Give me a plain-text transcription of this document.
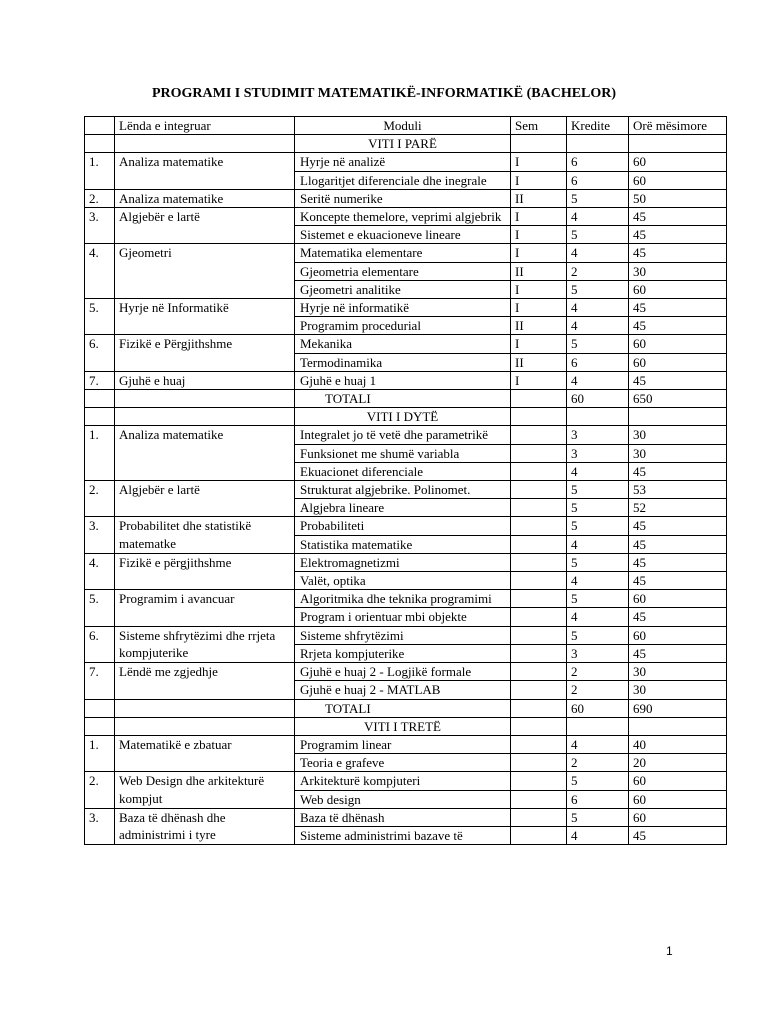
PROGRAMI I STUDIMIT MATEMATIKË-INFORMATIKË (BACHELOR)
	Lënda e integruar	Moduli	Sem	Kredite	Orë mësimore
		VITI I PARË			
1.	Analiza matematike	Hyrje në analizë	I	6	60
		Llogaritjet diferenciale dhe inegrale	I	6	60
2.	Analiza matematike	Seritë numerike	II	5	50
3.	Algjebër e lartë	Koncepte themelore, veprimi algjebrik	I	4	45
		Sistemet e ekuacioneve lineare	I	5	45
4.	Gjeometri	Matematika elementare	I	4	45
		Gjeometria elementare	II	2	30
		Gjeometri analitike	I	5	60
5.	Hyrje në Informatikë	Hyrje në informatikë	I	4	45
		Programim procedurial	II	4	45
6.	Fizikë e Përgjithshme	Mekanika	I	5	60
		Termodinamika	II	6	60
7.	Gjuhë e huaj	Gjuhë e huaj 1	I	4	45
		TOTALI		60	650
		VITI I DYTË			
1.	Analiza matematike	Integralet jo të vetë dhe parametrikë		3	30
		Funksionet me shumë variabla		3	30
		Ekuacionet diferenciale		4	45
2.	Algjebër e lartë	Strukturat algjebrike. Polinomet.		5	53
		Algjebra lineare		5	52
3.	Probabilitet dhe statistikë matematke	Probabiliteti		5	45
		Statistika matematike		4	45
4.	Fizikë e përgjithshme	Elektromagnetizmi		5	45
		Valët, optika		4	45
5.	Programim i avancuar	Algoritmika dhe teknika programimi		5	60
		Program i orientuar mbi objekte		4	45
6.	Sisteme shfrytëzimi dhe rrjeta kompjuterike	Sisteme shfrytëzimi		5	60
		Rrjeta kompjuterike		3	45
7.	Lëndë me zgjedhje	Gjuhë e huaj 2 - Logjikë formale		2	30
		Gjuhë e huaj 2 - MATLAB		2	30
		TOTALI		60	690
		VITI I TRETË			
1.	Matematikë e zbatuar	Programim linear		4	40
		Teoria e grafeve		2	20
2.	Web Design dhe arkitekturë kompjut	Arkitekturë kompjuteri		5	60
		Web design		6	60
3.	Baza të dhënash dhe administrimi i tyre	Baza të dhënash		5	60
		Sisteme administrimi bazave të		4	45
1
